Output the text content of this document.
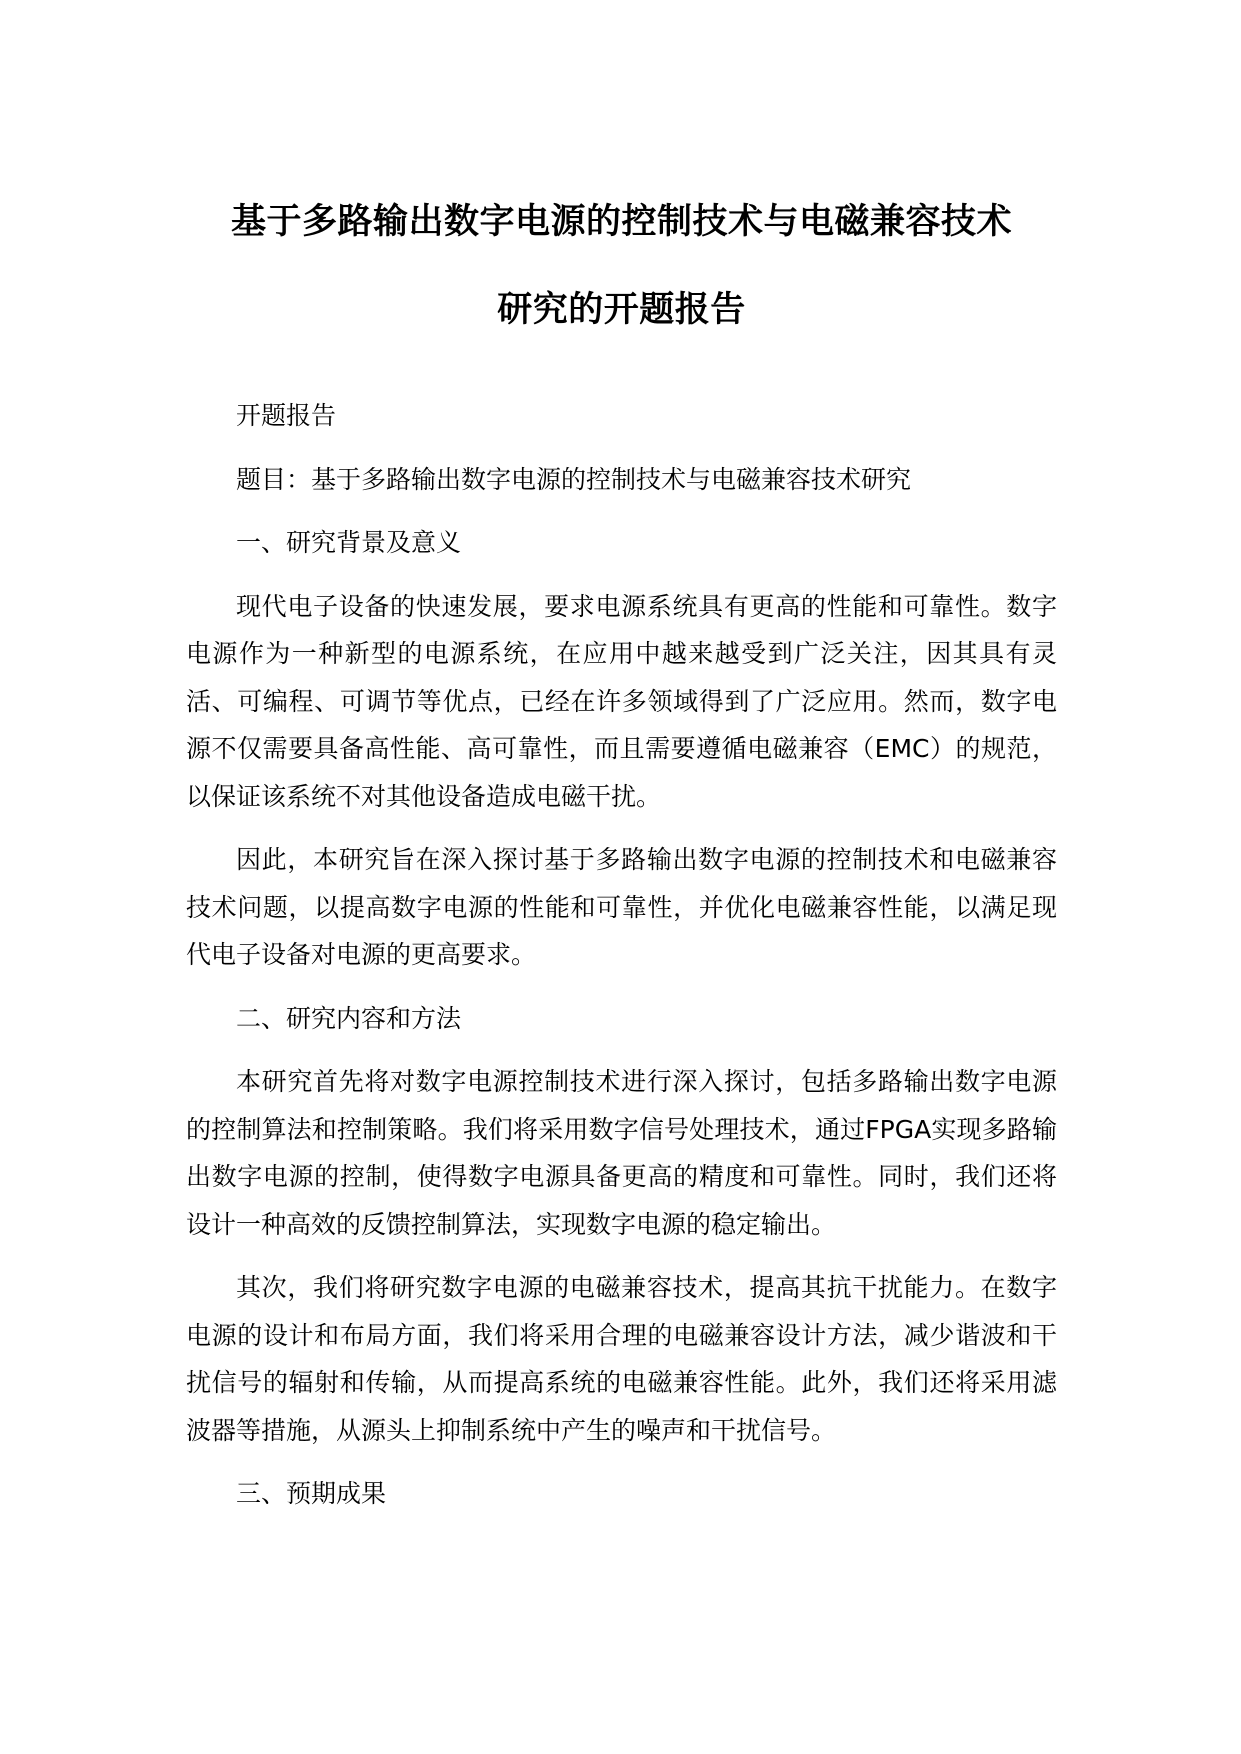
基于多路输出数字电源的控制技术与电磁兼容技术
研究的开题报告

开题报告

题目：基于多路输出数字电源的控制技术与电磁兼容技术研究

一、研究背景及意义

现代电子设备的快速发展，要求电源系统具有更高的性能和可靠性。数字电源作为一种新型的电源系统，在应用中越来越受到广泛关注，因其具有灵活、可编程、可调节等优点，已经在许多领域得到了广泛应用。然而，数字电源不仅需要具备高性能、高可靠性，而且需要遵循电磁兼容（EMC）的规范，以保证该系统不对其他设备造成电磁干扰。

因此，本研究旨在深入探讨基于多路输出数字电源的控制技术和电磁兼容技术问题，以提高数字电源的性能和可靠性，并优化电磁兼容性能，以满足现代电子设备对电源的更高要求。

二、研究内容和方法

本研究首先将对数字电源控制技术进行深入探讨，包括多路输出数字电源的控制算法和控制策略。我们将采用数字信号处理技术，通过FPGA实现多路输出数字电源的控制，使得数字电源具备更高的精度和可靠性。同时，我们还将设计一种高效的反馈控制算法，实现数字电源的稳定输出。

其次，我们将研究数字电源的电磁兼容技术，提高其抗干扰能力。在数字电源的设计和布局方面，我们将采用合理的电磁兼容设计方法，减少谐波和干扰信号的辐射和传输，从而提高系统的电磁兼容性能。此外，我们还将采用滤波器等措施，从源头上抑制系统中产生的噪声和干扰信号。

三、预期成果
